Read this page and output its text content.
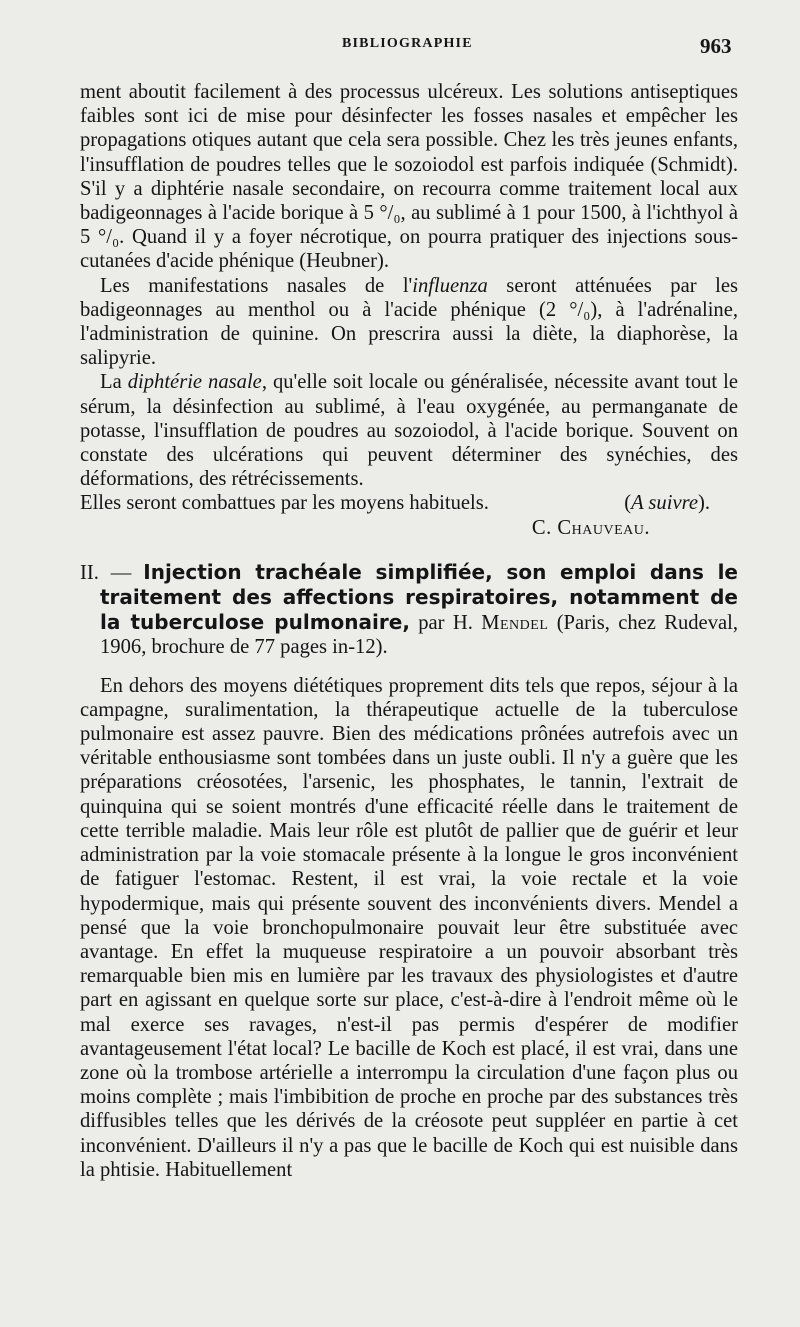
BIBLIOGRAPHIE	963

ment aboutit facilement à des processus ulcéreux. Les solutions antiseptiques faibles sont ici de mise pour désinfecter les fosses nasales et empêcher les propagations otiques autant que cela sera possible. Chez les très jeunes enfants, l'insufflation de poudres telles que le sozoiodol est parfois indiquée (Schmidt). S'il y a diphtérie nasale secondaire, on recourra comme traitement local aux badigeonnages à l'acide borique à 5 °/₀, au sublimé à 1 pour 1500, à l'ichthyol à 5 °/₀. Quand il y a foyer nécrotique, on pourra pratiquer des injections sous-cutanées d'acide phénique (Heubner).

Les manifestations nasales de l'influenza seront atténuées par les badigeonnages au menthol ou à l'acide phénique (2 °/₀), à l'adrénaline, l'administration de quinine. On prescrira aussi la diète, la diaphorèse, la salipyrie.

La diphtérie nasale, qu'elle soit locale ou généralisée, nécessite avant tout le sérum, la désinfection au sublimé, à l'eau oxygénée, au permanganate de potasse, l'insufflation de poudres au sozoiodol, à l'acide borique. Souvent on constate des ulcérations qui peuvent déterminer des synéchies, des déformations, des rétrécissements.

Elles seront combattues par les moyens habituels.	(A suivre).
C. Chauveau.

II. — Injection trachéale simplifiée, son emploi dans le traitement des affections respiratoires, notamment de la tuberculose pulmonaire, par H. Mendel (Paris, chez Rudeval, 1906, brochure de 77 pages in-12).

En dehors des moyens diététiques proprement dits tels que repos, séjour à la campagne, suralimentation, la thérapeutique actuelle de la tuberculose pulmonaire est assez pauvre. Bien des médications prônées autrefois avec un véritable enthousiasme sont tombées dans un juste oubli. Il n'y a guère que les préparations créosotées, l'arsenic, les phosphates, le tannin, l'extrait de quinquina qui se soient montrés d'une efficacité réelle dans le traitement de cette terrible maladie. Mais leur rôle est plutôt de pallier que de guérir et leur administration par la voie stomacale présente à la longue le gros inconvénient de fatiguer l'estomac. Restent, il est vrai, la voie rectale et la voie hypodermique, mais qui présente souvent des inconvénients divers. Mendel a pensé que la voie bronchopulmonaire pouvait leur être substituée avec avantage. En effet la muqueuse respiratoire a un pouvoir absorbant très remarquable bien mis en lumière par les travaux des physiologistes et d'autre part en agissant en quelque sorte sur place, c'est-à-dire à l'endroit même où le mal exerce ses ravages, n'est-il pas permis d'espérer de modifier avantageusement l'état local? Le bacille de Koch est placé, il est vrai, dans une zone où la trombose artérielle a interrompu la circulation d'une façon plus ou moins complète ; mais l'imbibition de proche en proche par des substances très diffusibles telles que les dérivés de la créosote peut suppléer en partie à cet inconvénient. D'ailleurs il n'y a pas que le bacille de Koch qui est nuisible dans la phtisie. Habituellement
